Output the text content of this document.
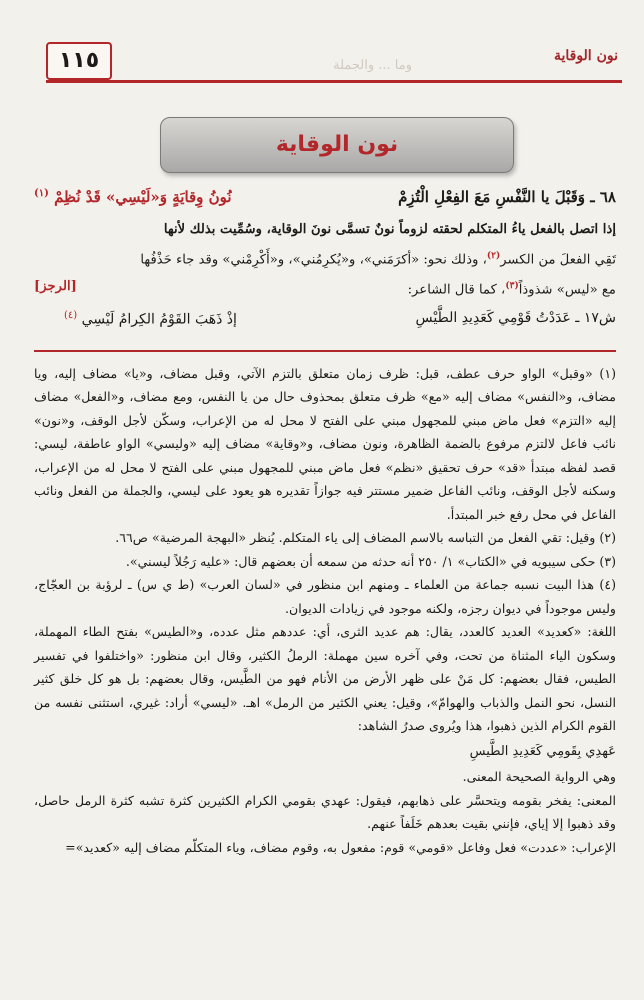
١١٥	وما ... والجملة
نون الوقاية
نون الوقاية
٦٨ ـ وَقَبْلَ يا النَّفْسِ مَعَ الفِعْلِ الْتُزِمْ
نُونُ وِقايَةٍ وَ«لَيْسِي» قَدْ نُظِمْ $^{(١)}$

إذا اتصل بالفعل ياءُ المتكلم لحقته لزوماً نونٌ تسمَّى نونَ الوقاية، وسُمِّيت بذلك لأنها

تَقِي الفعلَ من الكسر$^{(٢)}$، وذلك نحو: «أكرَمَني»، و«يُكرِمُني»، و«أَكْرِمْني» وقد جاء حَذْفُها

مع «ليس» شذوذاً$^{(٣)}$، كما قال الشاعر:
[الرجز]

ش١٧ ـ عَدَدْتُ قَوْمِي كَعَدِيدِ الطَّيْسِ
إذْ ذَهَبَ القَوْمُ الكِرامُ لَيْسِي $^{(٤)}$

(١) «وقبل» الواو حرف عطف، قبل: ظرف زمان متعلق بالتزم الآتي، وقبل مضاف، و«يا» مضاف إليه، ويا مضاف، و«النفس» مضاف إليه «مع» ظرف متعلق بمحذوف حال من يا النفس، ومع مضاف، و«الفعل» مضاف إليه «التزم» فعل ماض مبني للمجهول مبني على الفتح لا محل له من الإعراب، وسكّن لأجل الوقف، و«نون» نائب فاعل لالتزم مرفوع بالضمة الظاهرة، ونون مضاف، و«وقاية» مضاف إليه «وليسي» الواو عاطفة، ليسي: قصد لفظه مبتدأ «قد» حرف تحقيق «نظم» فعل ماض مبني للمجهول مبني على الفتح لا محل له من الإعراب، وسكنه لأجل الوقف، ونائب الفاعل ضمير مستتر فيه جوازاً تقديره هو يعود على ليسي، والجملة من الفعل ونائب الفاعل في محل رفع خبر المبتدأ.

(٢) وقيل: تقي الفعل من التباسه بالاسم المضاف إلى ياء المتكلم. يُنظر «البهجة المرضية» ص٦٦.

(٣) حكى سيبويه في «الكتاب» ١/ ٢٥٠ أنه حدثه من سمعه أن بعضهم قال: «عليه رَجُلاً ليسني».

(٤) هذا البيت نسبه جماعة من العلماء ـ ومنهم ابن منظور في «لسان العرب» (ط ي س) ـ لرؤبة بن العجّاج، وليس موجوداً في ديوان رجزه، ولكنه موجود في زيادات الديوان.

اللغة: «كعديد» العديد كالعدد، يقال: هم عديد الثرى، أي: عددهم مثل عدده، و«الطيس» بفتح الطاء المهملة، وسكون الياء المثناة من تحت، وفي آخره سين مهملة: الرملُ الكثير، وقال ابن منظور: «واختلفوا في تفسير الطيس، فقال بعضهم: كل مَنْ على ظهر الأرض من الأنام فهو من الطَّيس، وقال بعضهم: بل هو كل خلق كثير النسل، نحو النمل والذباب والهوامّ»، وقيل: يعني الكثير من الرمل» اهـ. «ليسي» أراد: غيري، استثنى نفسه من القوم الكرام الذين ذهبوا، هذا ويُروى صدرُ الشاهد:

عَهدِي بِقَومِي كَعَدِيدِ الطَّيسِ

وهي الرواية الصحيحة المعنى.

المعنى: يفخر بقومه ويتحسَّر على ذهابهم، فيقول: عهدي بقومي الكرام الكثيرين كثرة تشبه كثرة الرمل حاصل، وقد ذهبوا إلا إياي، فإنني بقيت بعدهم خَلَفاً عنهم.

الإعراب: «عددت» فعل وفاعل «قومي» قوم: مفعول به، وقوم مضاف، وياء المتكلّم مضاف إليه «كعديد»=
